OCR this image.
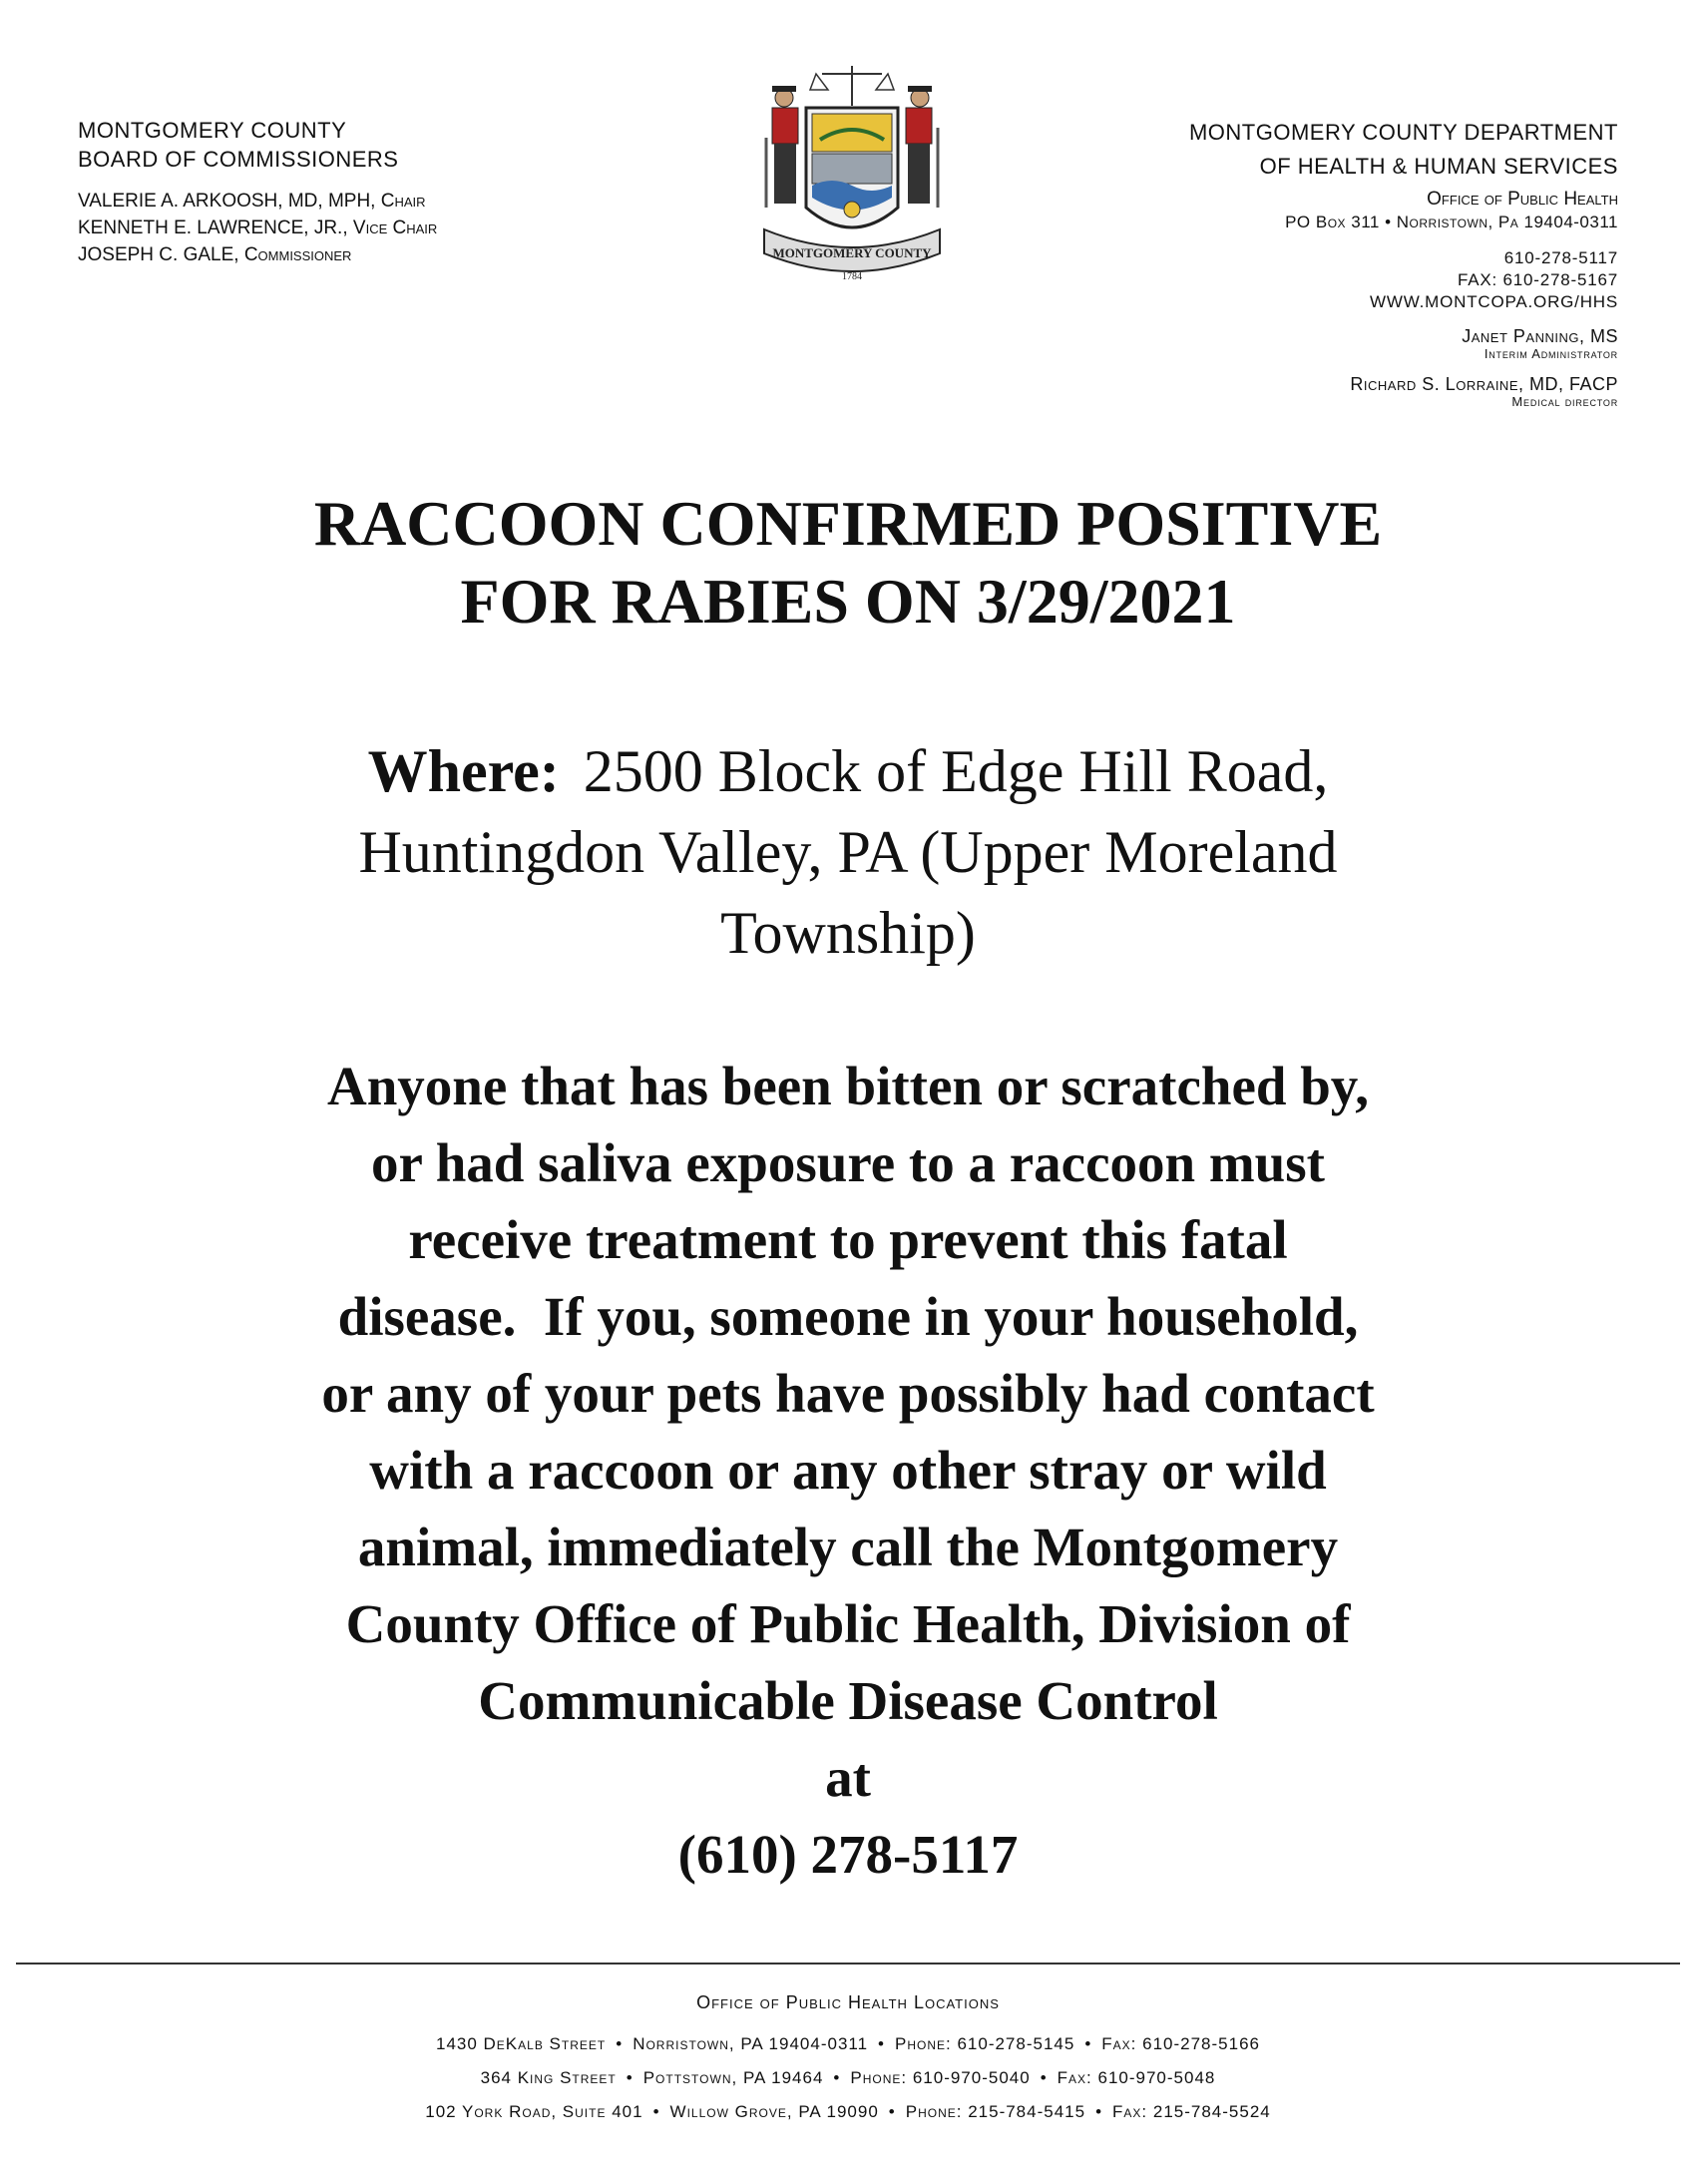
MONTGOMERY COUNTY
BOARD OF COMMISSIONERS
VALERIE A. ARKOOSH, MD, MPH, Chair
KENNETH E. LAWRENCE, JR., Vice Chair
JOSEPH C. GALE, Commissioner	MONTGOMERY COUNTY
1784
MONTGOMERY COUNTY DEPARTMENT
OF HEALTH & HUMAN SERVICES
Office of Public Health
PO Box 311 • Norristown, Pa 19404-0311
610-278-5117
FAX: 610-278-5167
WWW.MONTCOPA.ORG/HHS
Janet Panning, MS
Interim Administrator
Richard S. Lorraine, MD, FACP
Medical director
RACCOON CONFIRMED POSITIVE
FOR RABIES ON 3/29/2021
Where: 2500 Block of Edge Hill Road,
Huntingdon Valley, PA (Upper Moreland
Township)

Anyone that has been bitten or scratched by,

or had saliva exposure to a raccoon must

receive treatment to prevent this fatal

disease.  If you, someone in your household,

or any of your pets have possibly had contact

with a raccoon or any other stray or wild

animal, immediately call the Montgomery

County Office of Public Health, Division of

Communicable Disease Control

at

(610) 278-5117

Office of Public Health Locations
1430 DeKalb Street • Norristown, PA 19404-0311 • Phone: 610-278-5145 • Fax: 610-278-5166
364 King Street • Pottstown, PA 19464 • Phone: 610-970-5040 • Fax: 610-970-5048
102 York Road, Suite 401 • Willow Grove, PA 19090 • Phone: 215-784-5415 • Fax: 215-784-5524
